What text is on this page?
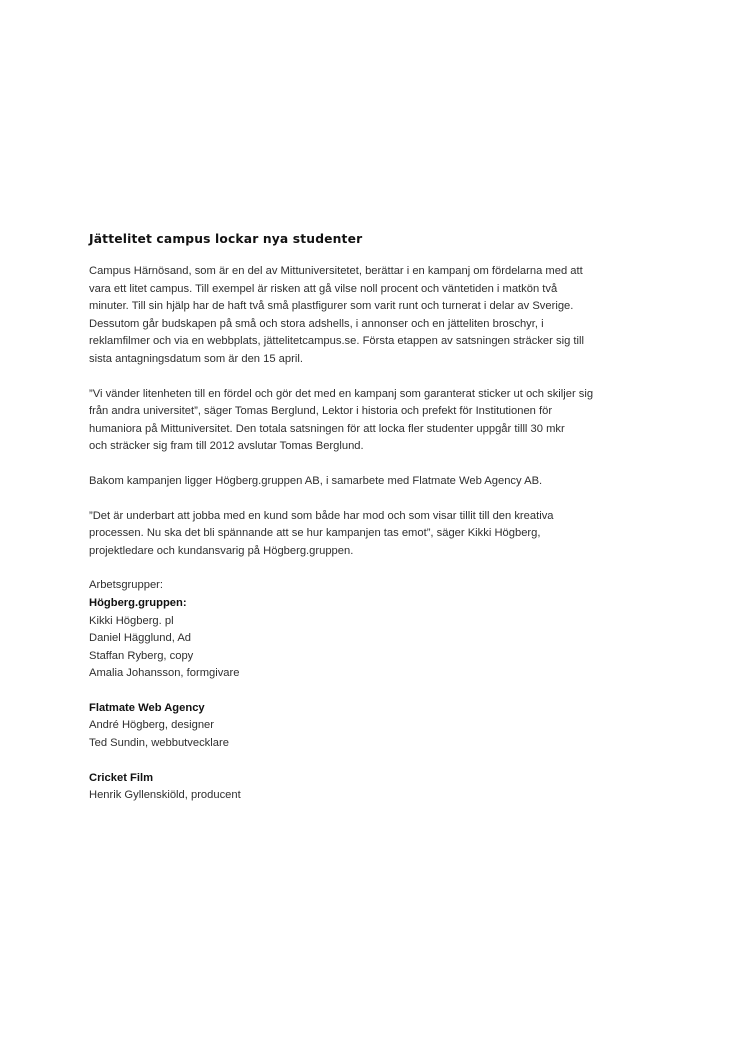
Jättelitet campus lockar nya studenter
Campus Härnösand, som är en del av Mittuniversitetet, berättar i en kampanj om fördelarna med att
vara ett litet campus. Till exempel är risken att gå vilse noll procent och väntetiden i matkön två
minuter. Till sin hjälp har de haft två små plastfigurer som varit runt och turnerat i delar av Sverige.
Dessutom går budskapen på små och stora adshells, i annonser och en jätteliten broschyr, i
reklamfilmer och via en webbplats, jättelitetcampus.se. Första etappen av satsningen sträcker sig till
sista antagningsdatum som är den 15 april.
”Vi vänder litenheten till en fördel och gör det med en kampanj som garanterat sticker ut och skiljer sig
från andra universitet”, säger Tomas Berglund, Lektor i historia och prefekt för Institutionen för
humaniora på Mittuniversitet. Den totala satsningen för att locka fler studenter uppgår tilll 30 mkr
och sträcker sig fram till 2012 avslutar Tomas Berglund.
Bakom kampanjen ligger Högberg.gruppen AB, i samarbete med Flatmate Web Agency AB.
”Det är underbart att jobba med en kund som både har mod och som visar tillit till den kreativa
processen. Nu ska det bli spännande att se hur kampanjen tas emot”, säger Kikki Högberg,
projektledare och kundansvarig på Högberg.gruppen.
Arbetsgrupper:
Högberg.gruppen:
Kikki Högberg. pl
Daniel Hägglund, Ad
Staffan Ryberg, copy
Amalia Johansson, formgivare
Flatmate Web Agency
André Högberg, designer
Ted Sundin, webbutvecklare
Cricket Film
Henrik Gyllenskiöld, producent
